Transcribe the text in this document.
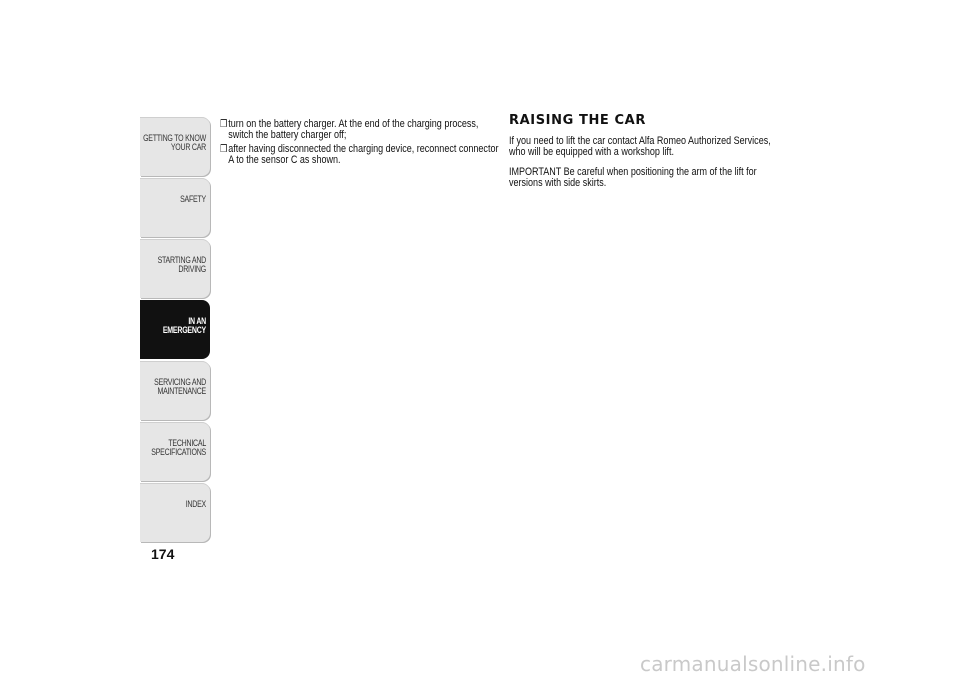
GETTING TO KNOW
YOUR CAR

SAFETY

STARTING AND
DRIVING

IN AN
EMERGENCY

SERVICING AND
MAINTENANCE

TECHNICAL
SPECIFICATIONS

INDEX

174
❒ turn on the battery charger. At the end of the charging process, switch the battery charger off;
❒ after having disconnected the charging device, reconnect connector A to the sensor C as shown.
RAISING THE CAR

If you need to lift the car contact Alfa Romeo Authorized Services, who will be equipped with a workshop lift.

IMPORTANT Be careful when positioning the arm of the lift for versions with side skirts.

carmanualsonline.info
